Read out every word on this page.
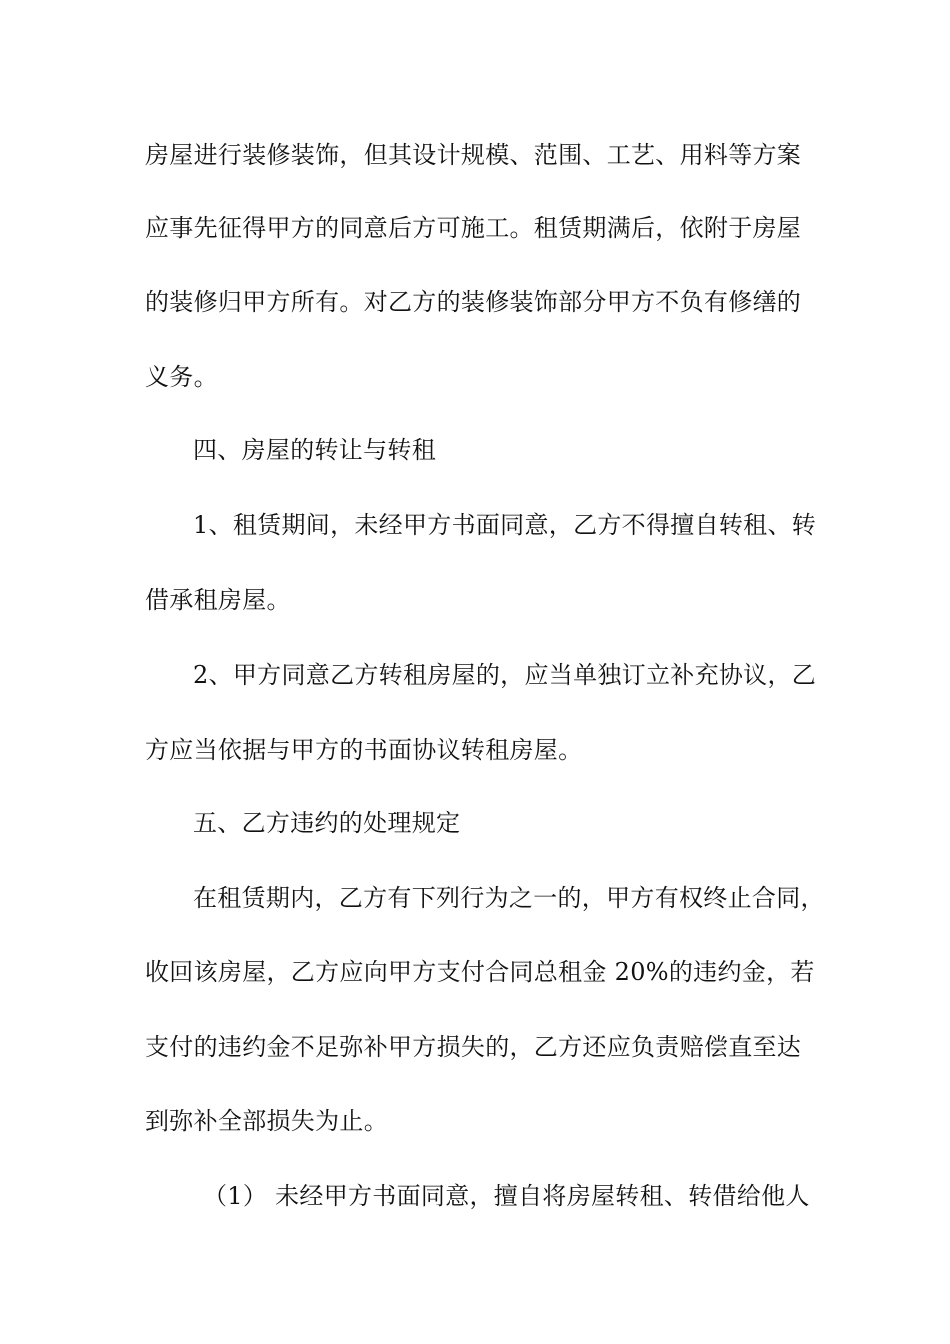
房屋进行装修装饰，但其设计规模、范围、工艺、用料等方案
应事先征得甲方的同意后方可施工。租赁期满后，依附于房屋
的装修归甲方所有。对乙方的装修装饰部分甲方不负有修缮的
义务。
四、房屋的转让与转租
1、租赁期间，未经甲方书面同意，乙方不得擅自转租、转
借承租房屋。
2、甲方同意乙方转租房屋的，应当单独订立补充协议，乙
方应当依据与甲方的书面协议转租房屋。
五、乙方违约的处理规定
在租赁期内，乙方有下列行为之一的，甲方有权终止合同，
收回该房屋，乙方应向甲方支付合同总租金 20%的违约金，若
支付的违约金不足弥补甲方损失的，乙方还应负责赔偿直至达
到弥补全部损失为止。
（1） 未经甲方书面同意，擅自将房屋转租、转借给他人
